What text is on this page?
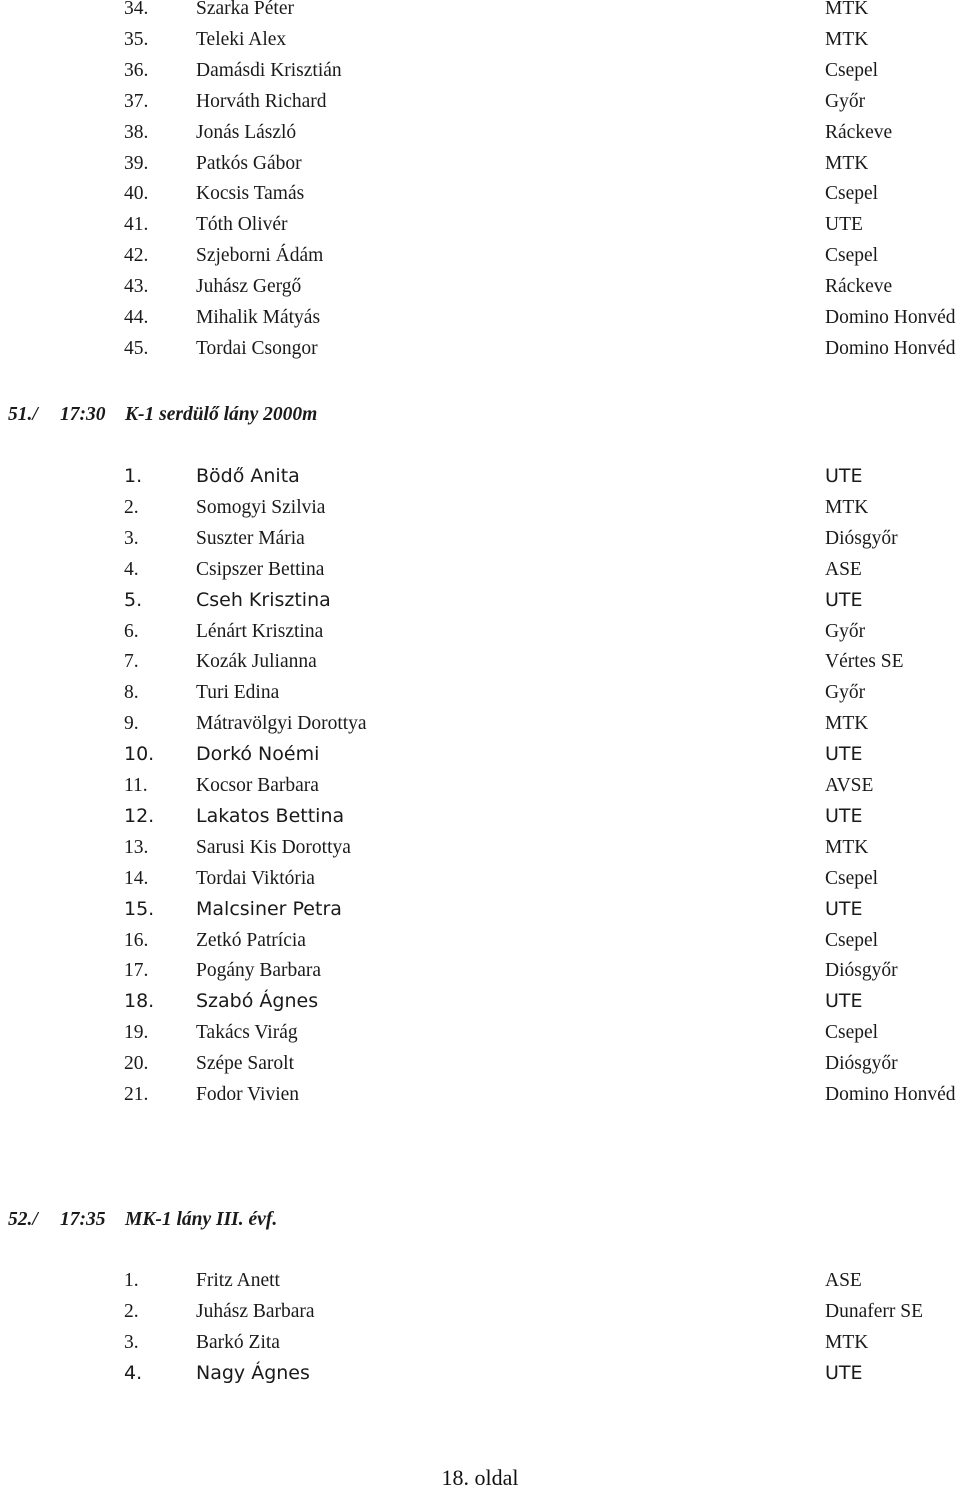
34. Szarka Péter	MTK
35. Teleki Alex	MTK
36. Damásdi Krisztián	Csepel
37. Horváth Richard	Győr
38. Jonás László	Ráckeve
39. Patkós Gábor	MTK
40. Kocsis Tamás	Csepel
41. Tóth Olivér	UTE
42. Szjeborni Ádám	Csepel
43. Juhász Gergő	Ráckeve
44. Mihalik Mátyás	Domino Honvéd
45. Tordai Csongor	Domino Honvéd
51./ 17:30 K-1 serdülő lány 2000m
1.	Bödő Anita	UTE
2.	Somogyi Szilvia	MTK
3.	Suszter Mária	Diósgyőr
4.	Csipszer Bettina	ASE
5.	Cseh Krisztina	UTE
6.	Lénárt Krisztina	Győr
7.	Kozák Julianna	Vértes SE
8.	Turi Edina	Győr
9.	Mátravölgyi Dorottya	MTK
10. Dorkó Noémi	UTE
11. Kocsor Barbara	AVSE
12. Lakatos Bettina	UTE
13. Sarusi Kis Dorottya	MTK
14. Tordai Viktória	Csepel
15. Malcsiner Petra	UTE
16. Zetkó Patrícia	Csepel
17. Pogány Barbara	Diósgyőr
18. Szabó Ágnes	UTE
19. Takács Virág	Csepel
20. Szépe Sarolt	Diósgyőr
21. Fodor Vivien	Domino Honvéd
52./ 17:35 MK-1 lány III. évf.
1.	Fritz Anett	ASE
2.	Juhász Barbara	Dunaferr SE
3.	Barkó Zita	MTK
4.	Nagy Ágnes	UTE
18. oldal
